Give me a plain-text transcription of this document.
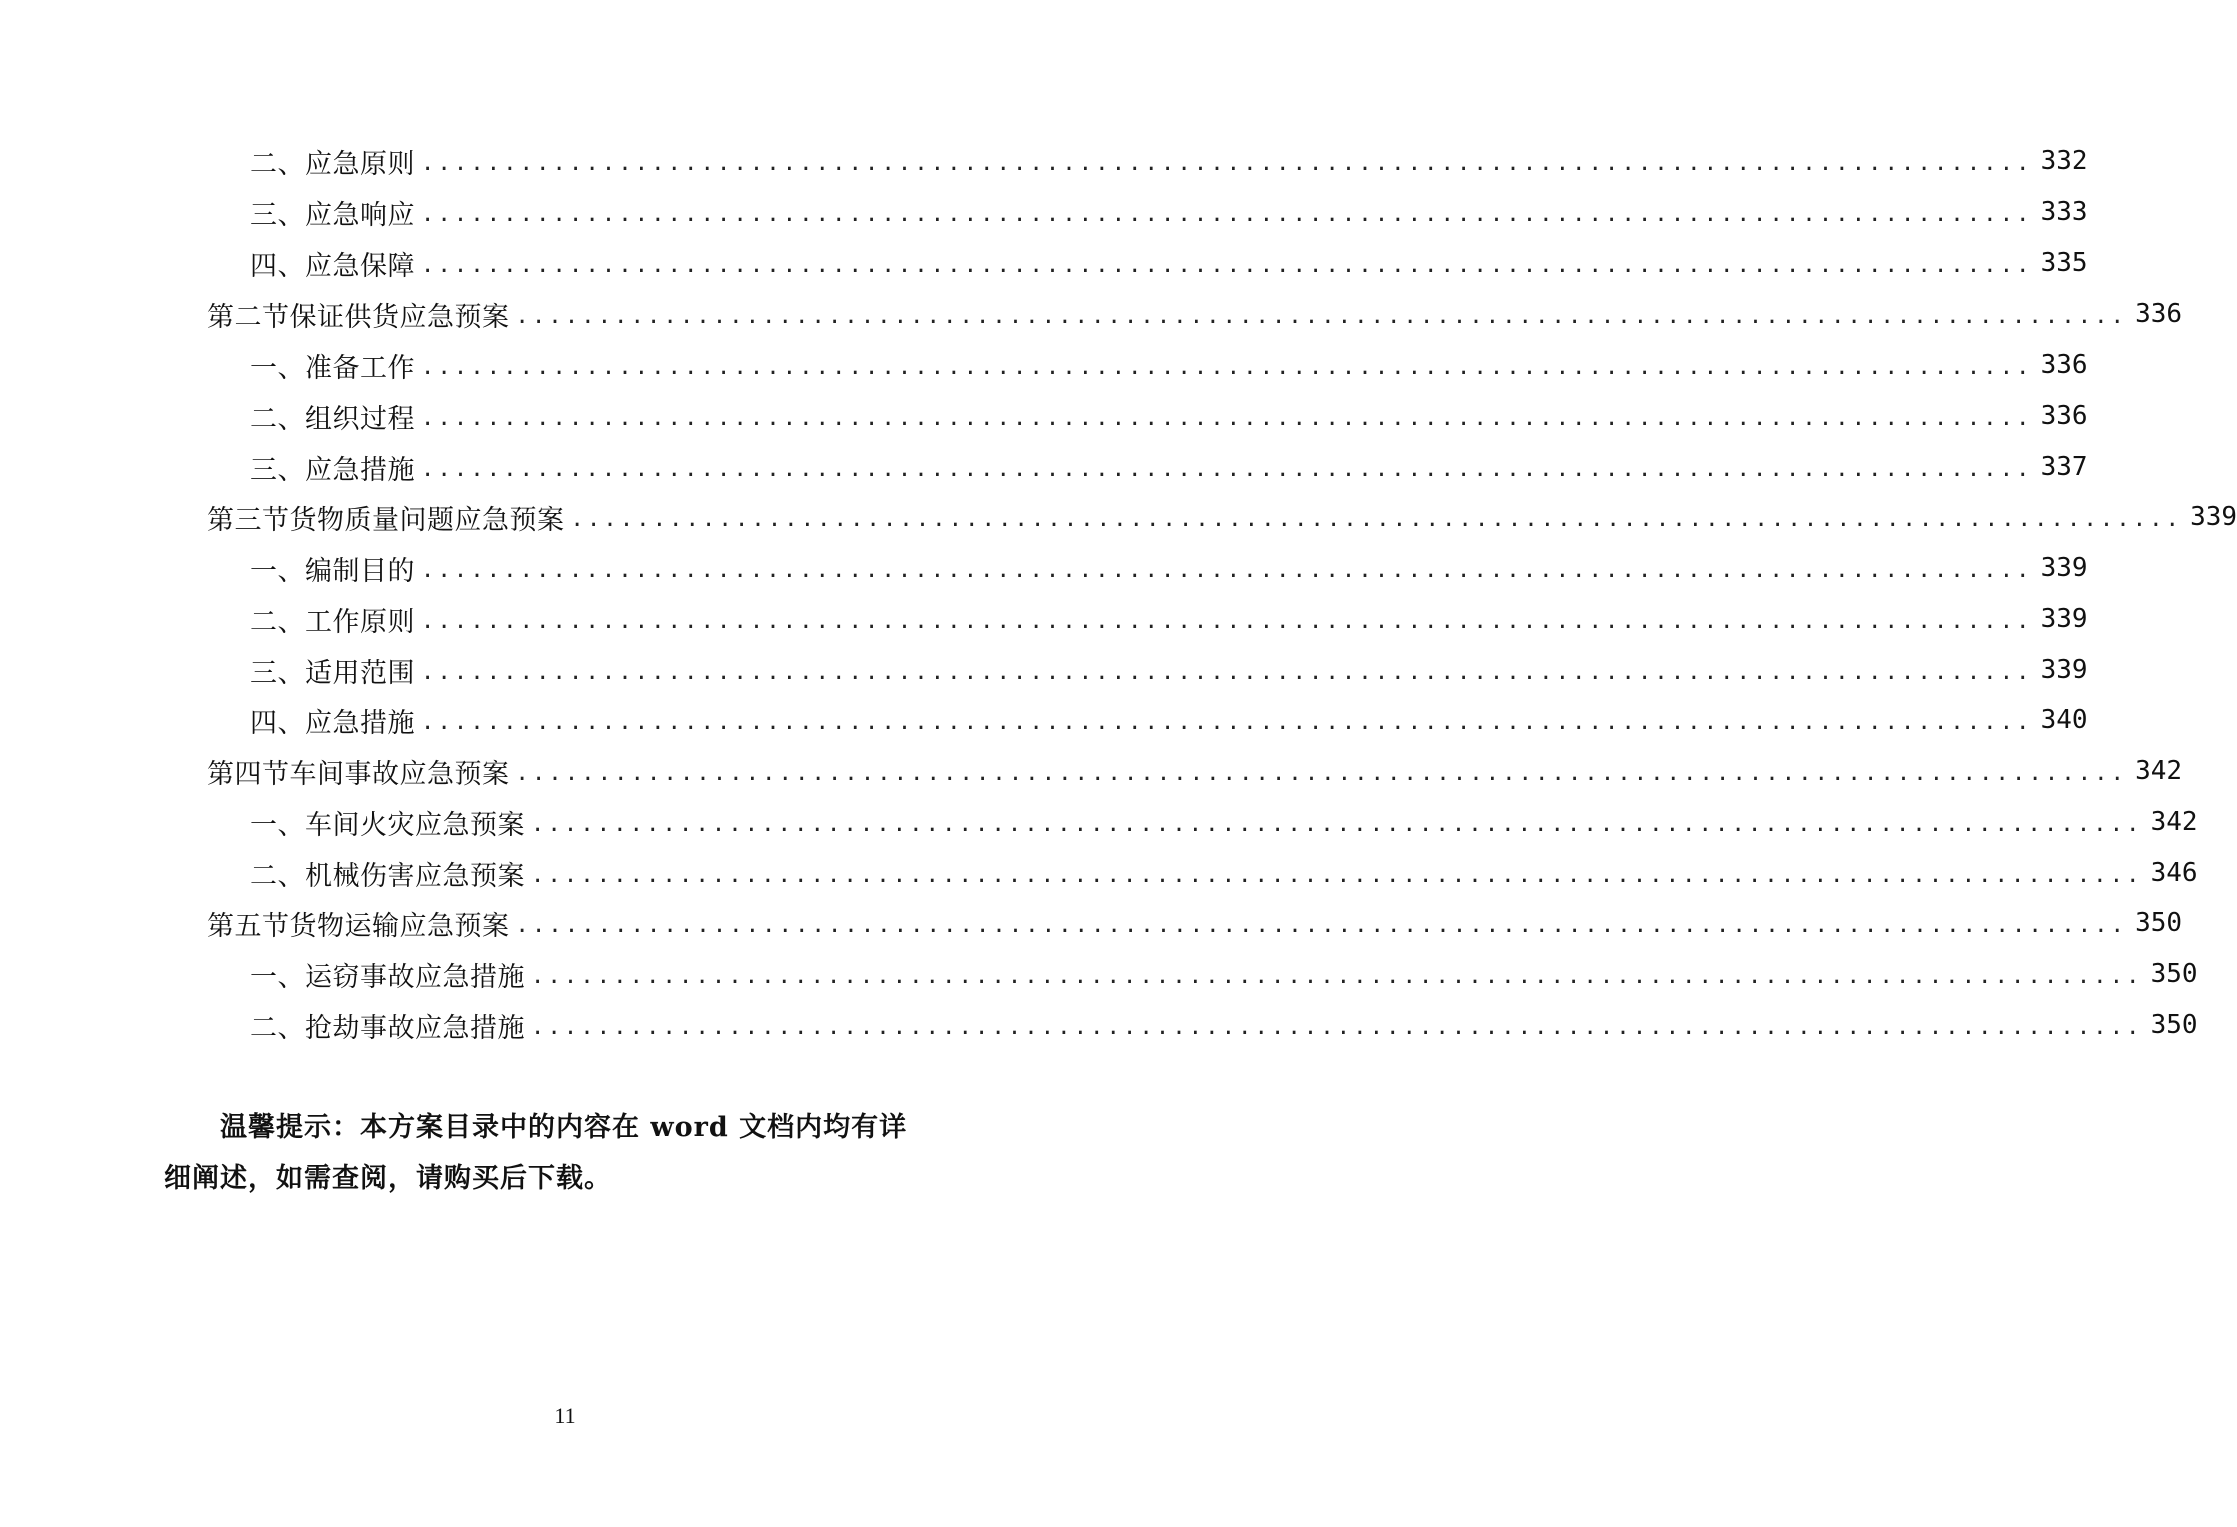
二、应急原则 .................................................................................................. 332
三、应急响应 .................................................................................................. 333
四、应急保障 .................................................................................................. 335
第二节 保证供货应急预案 .................................................................................................. 336
一、准备工作 .................................................................................................. 336
二、组织过程 .................................................................................................. 336
三、应急措施 .................................................................................................. 337
第三节 货物质量问题应急预案 .................................................................................................. 339
一、编制目的 .................................................................................................. 339
二、工作原则 .................................................................................................. 339
三、适用范围 .................................................................................................. 339
四、应急措施 .................................................................................................. 340
第四节 车间事故应急预案 .................................................................................................. 342
一、车间火灾应急预案 .................................................................................................. 342
二、机械伤害应急预案 .................................................................................................. 346
第五节 货物运输应急预案 .................................................................................................. 350
一、运窃事故应急措施 .................................................................................................. 350
二、抢劫事故应急措施 .................................................................................................. 350
温馨提示：本方案目录中的内容在 word 文档内均有详细阐述，如需查阅，请购买后下载。
11
